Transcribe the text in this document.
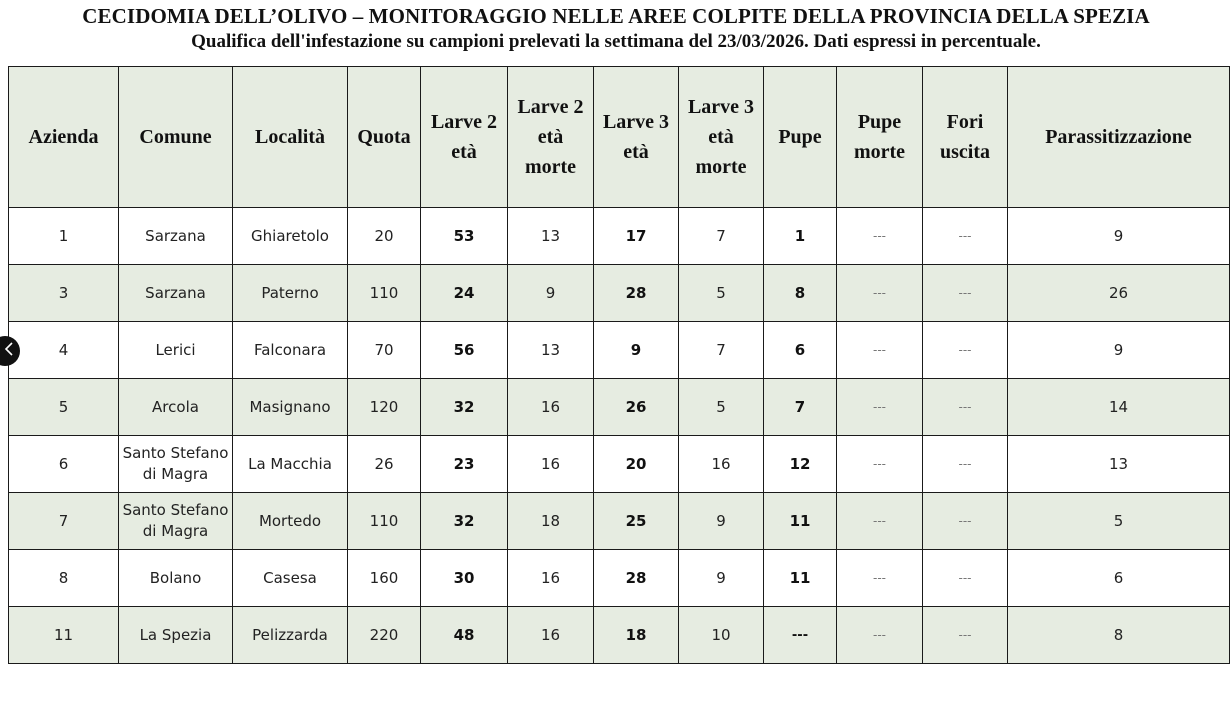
CECIDOMIA DELL’OLIVO – MONITORAGGIO NELLE AREE COLPITE DELLA PROVINCIA DELLA SPEZIA
Qualifica dell'infestazione su campioni prelevati la settimana del 23/03/2026. Dati espressi in percentuale.
Azienda	Comune	Località	Quota	Larve 2 età	Larve 2 età morte	Larve 3 età	Larve 3 età morte	Pupe	Pupe morte	Fori uscita	Parassitizzazione
1	Sarzana	Ghiaretolo	20	53	13	17	7	1	---	---	9
3	Sarzana	Paterno	110	24	9	28	5	8	---	---	26
4	Lerici	Falconara	70	56	13	9	7	6	---	---	9
5	Arcola	Masignano	120	32	16	26	5	7	---	---	14
6	Santo Stefano di Magra	La Macchia	26	23	16	20	16	12	---	---	13
7	Santo Stefano di Magra	Mortedo	110	32	18	25	9	11	---	---	5
8	Bolano	Casesa	160	30	16	28	9	11	---	---	6
11	La Spezia	Pelizzarda	220	48	16	18	10	---	---	---	8
